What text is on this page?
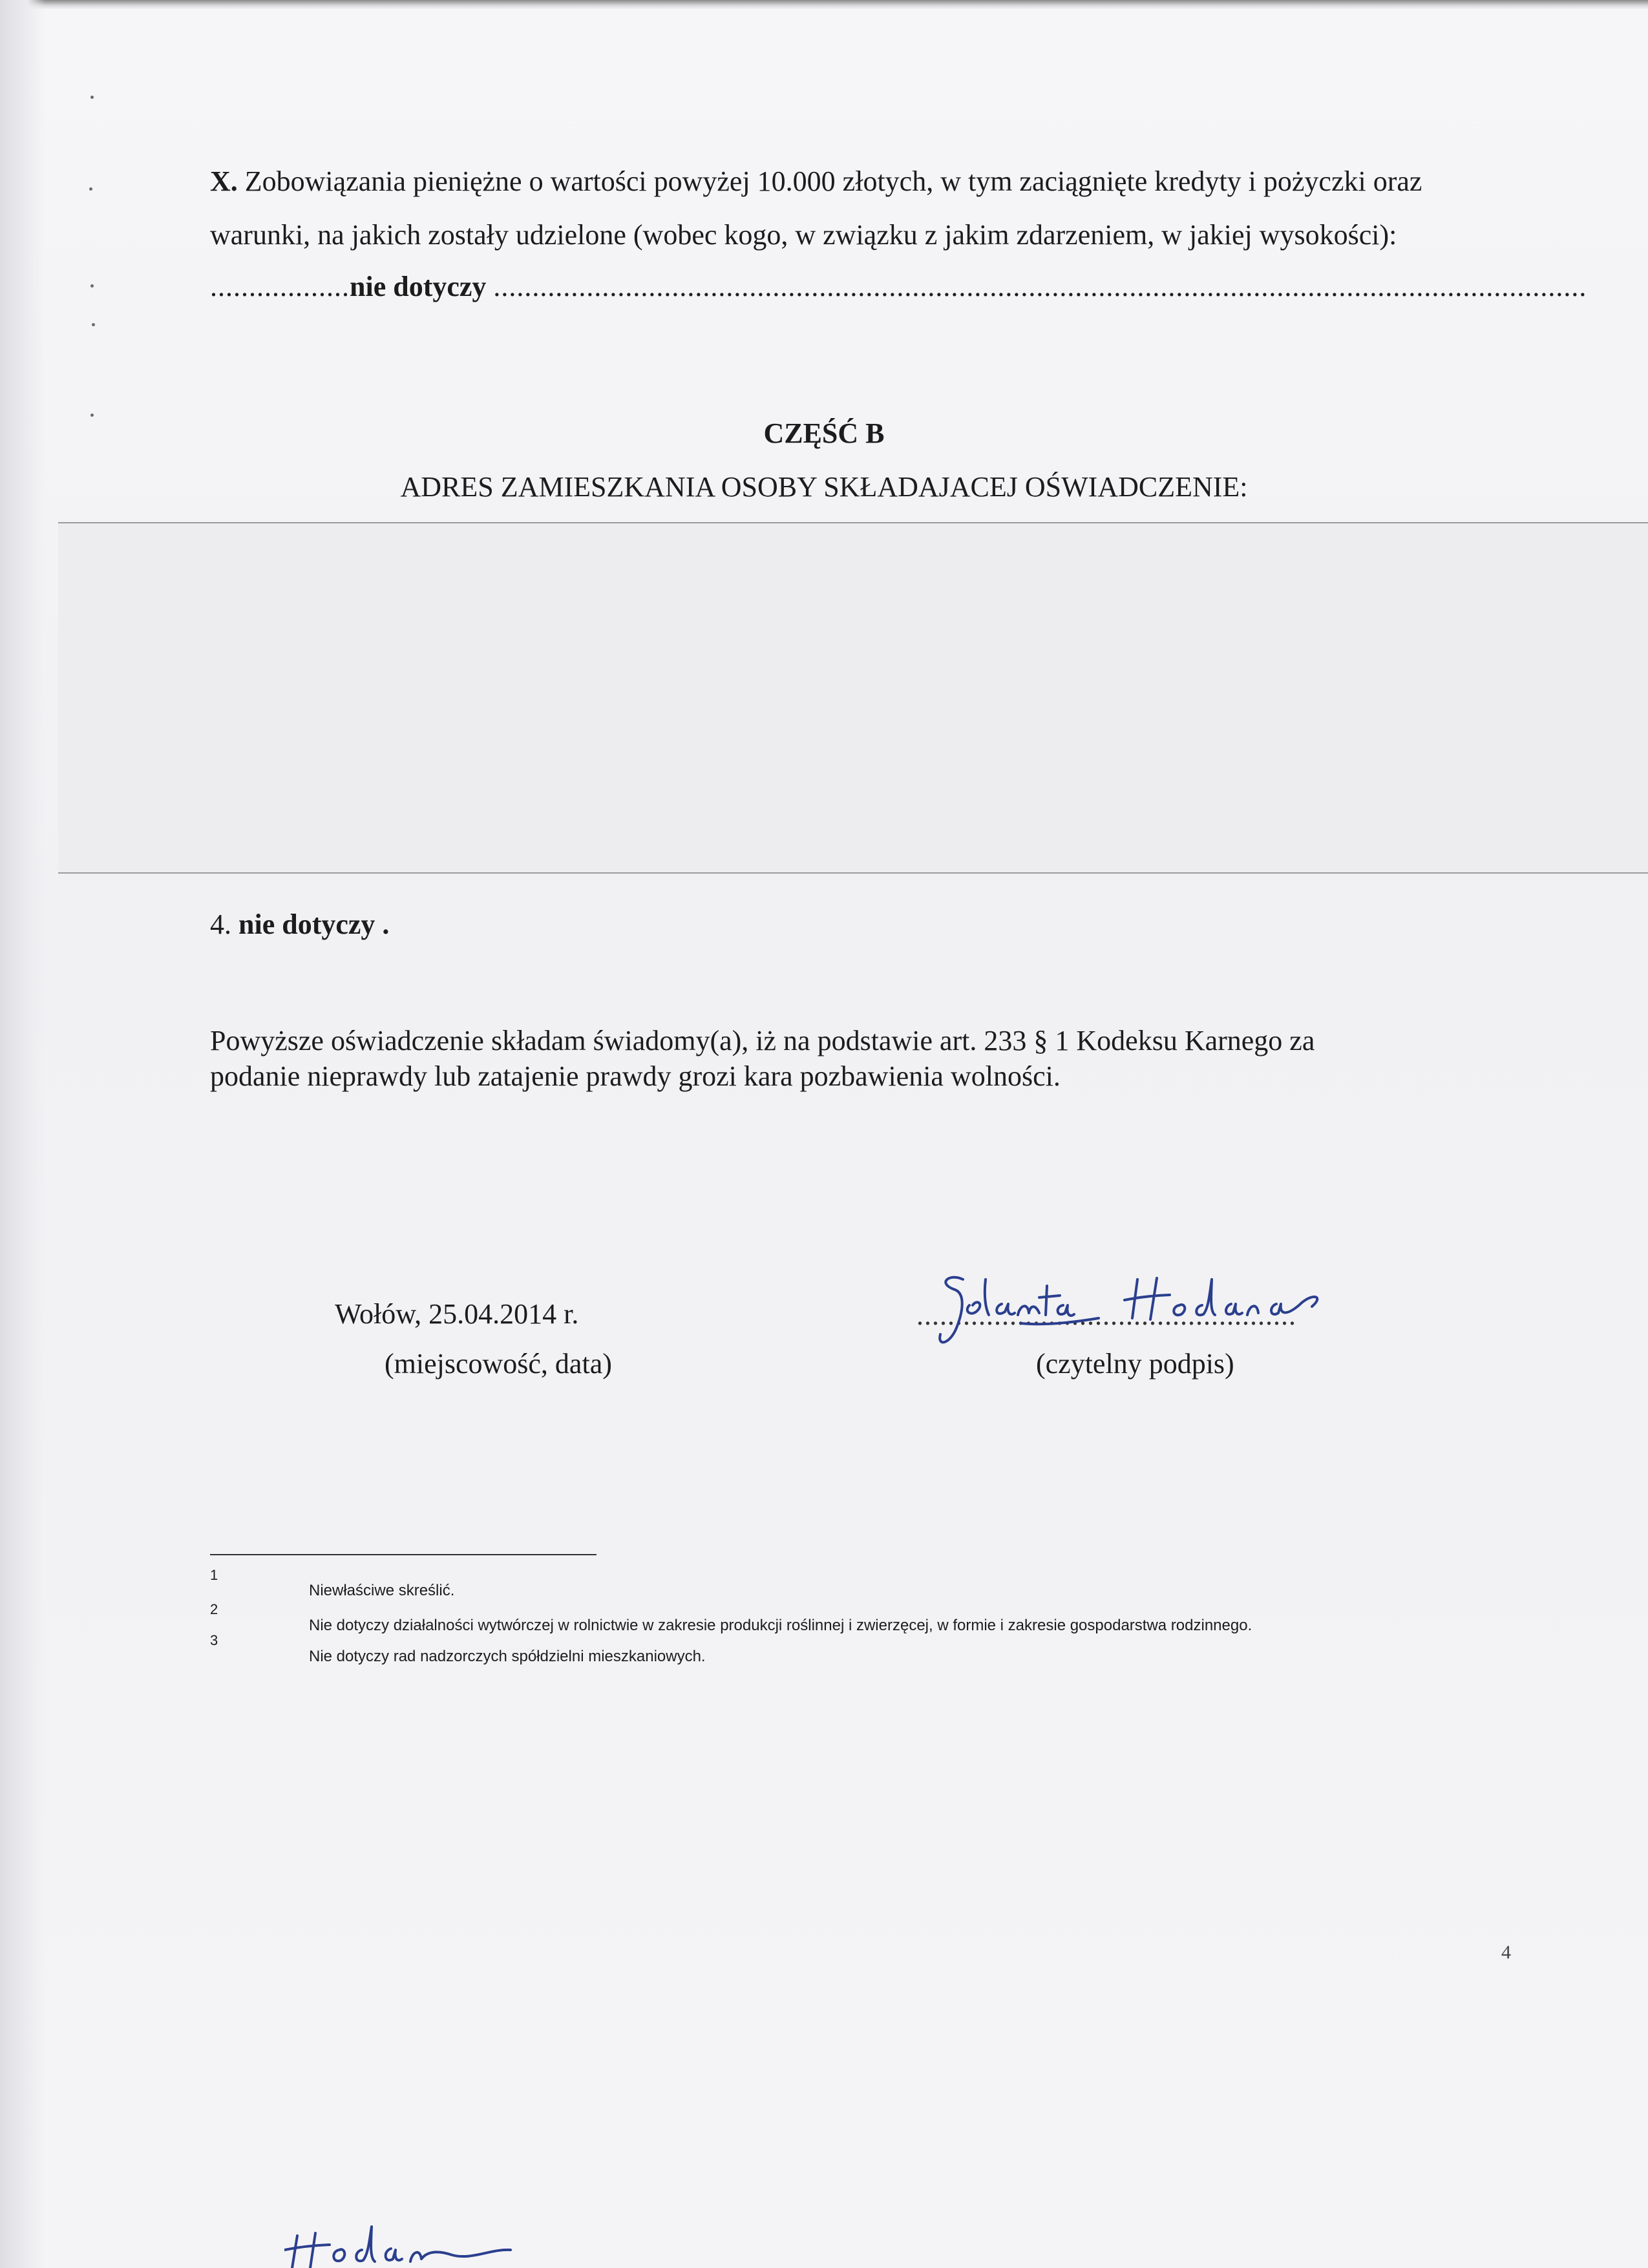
X. Zobowiązania pieniężne o wartości powyżej 10.000 złotych, w tym zaciągnięte kredyty i pożyczki oraz
warunki, na jakich zostały udzielone (wobec kogo, w związku z jakim zdarzeniem, w jakiej wysokości):
..................nie dotyczy .............................................................................................................................................
CZĘŚĆ B
ADRES ZAMIESZKANIA OSOBY SKŁADAJACEJ OŚWIADCZENIE:
4. nie dotyczy .
Powyższe oświadczenie składam świadomy(a), iż na podstawie art. 233 § 1 Kodeksu Karnego za
podanie nieprawdy lub zatajenie prawdy grozi kara pozbawienia wolności.
Wołów, 25.04.2014 r.
(miejscowość, data)
.................................................
Jolanta Hodana	(czytelny podpis)
1
2
3
Niewłaściwe skreślić.
Nie dotyczy działalności wytwórczej w rolnictwie w zakresie produkcji roślinnej i zwierzęcej, w formie i zakresie gospodarstwa rodzinnego.
Nie dotyczy rad nadzorczych spółdzielni mieszkaniowych.
4
Hodana
